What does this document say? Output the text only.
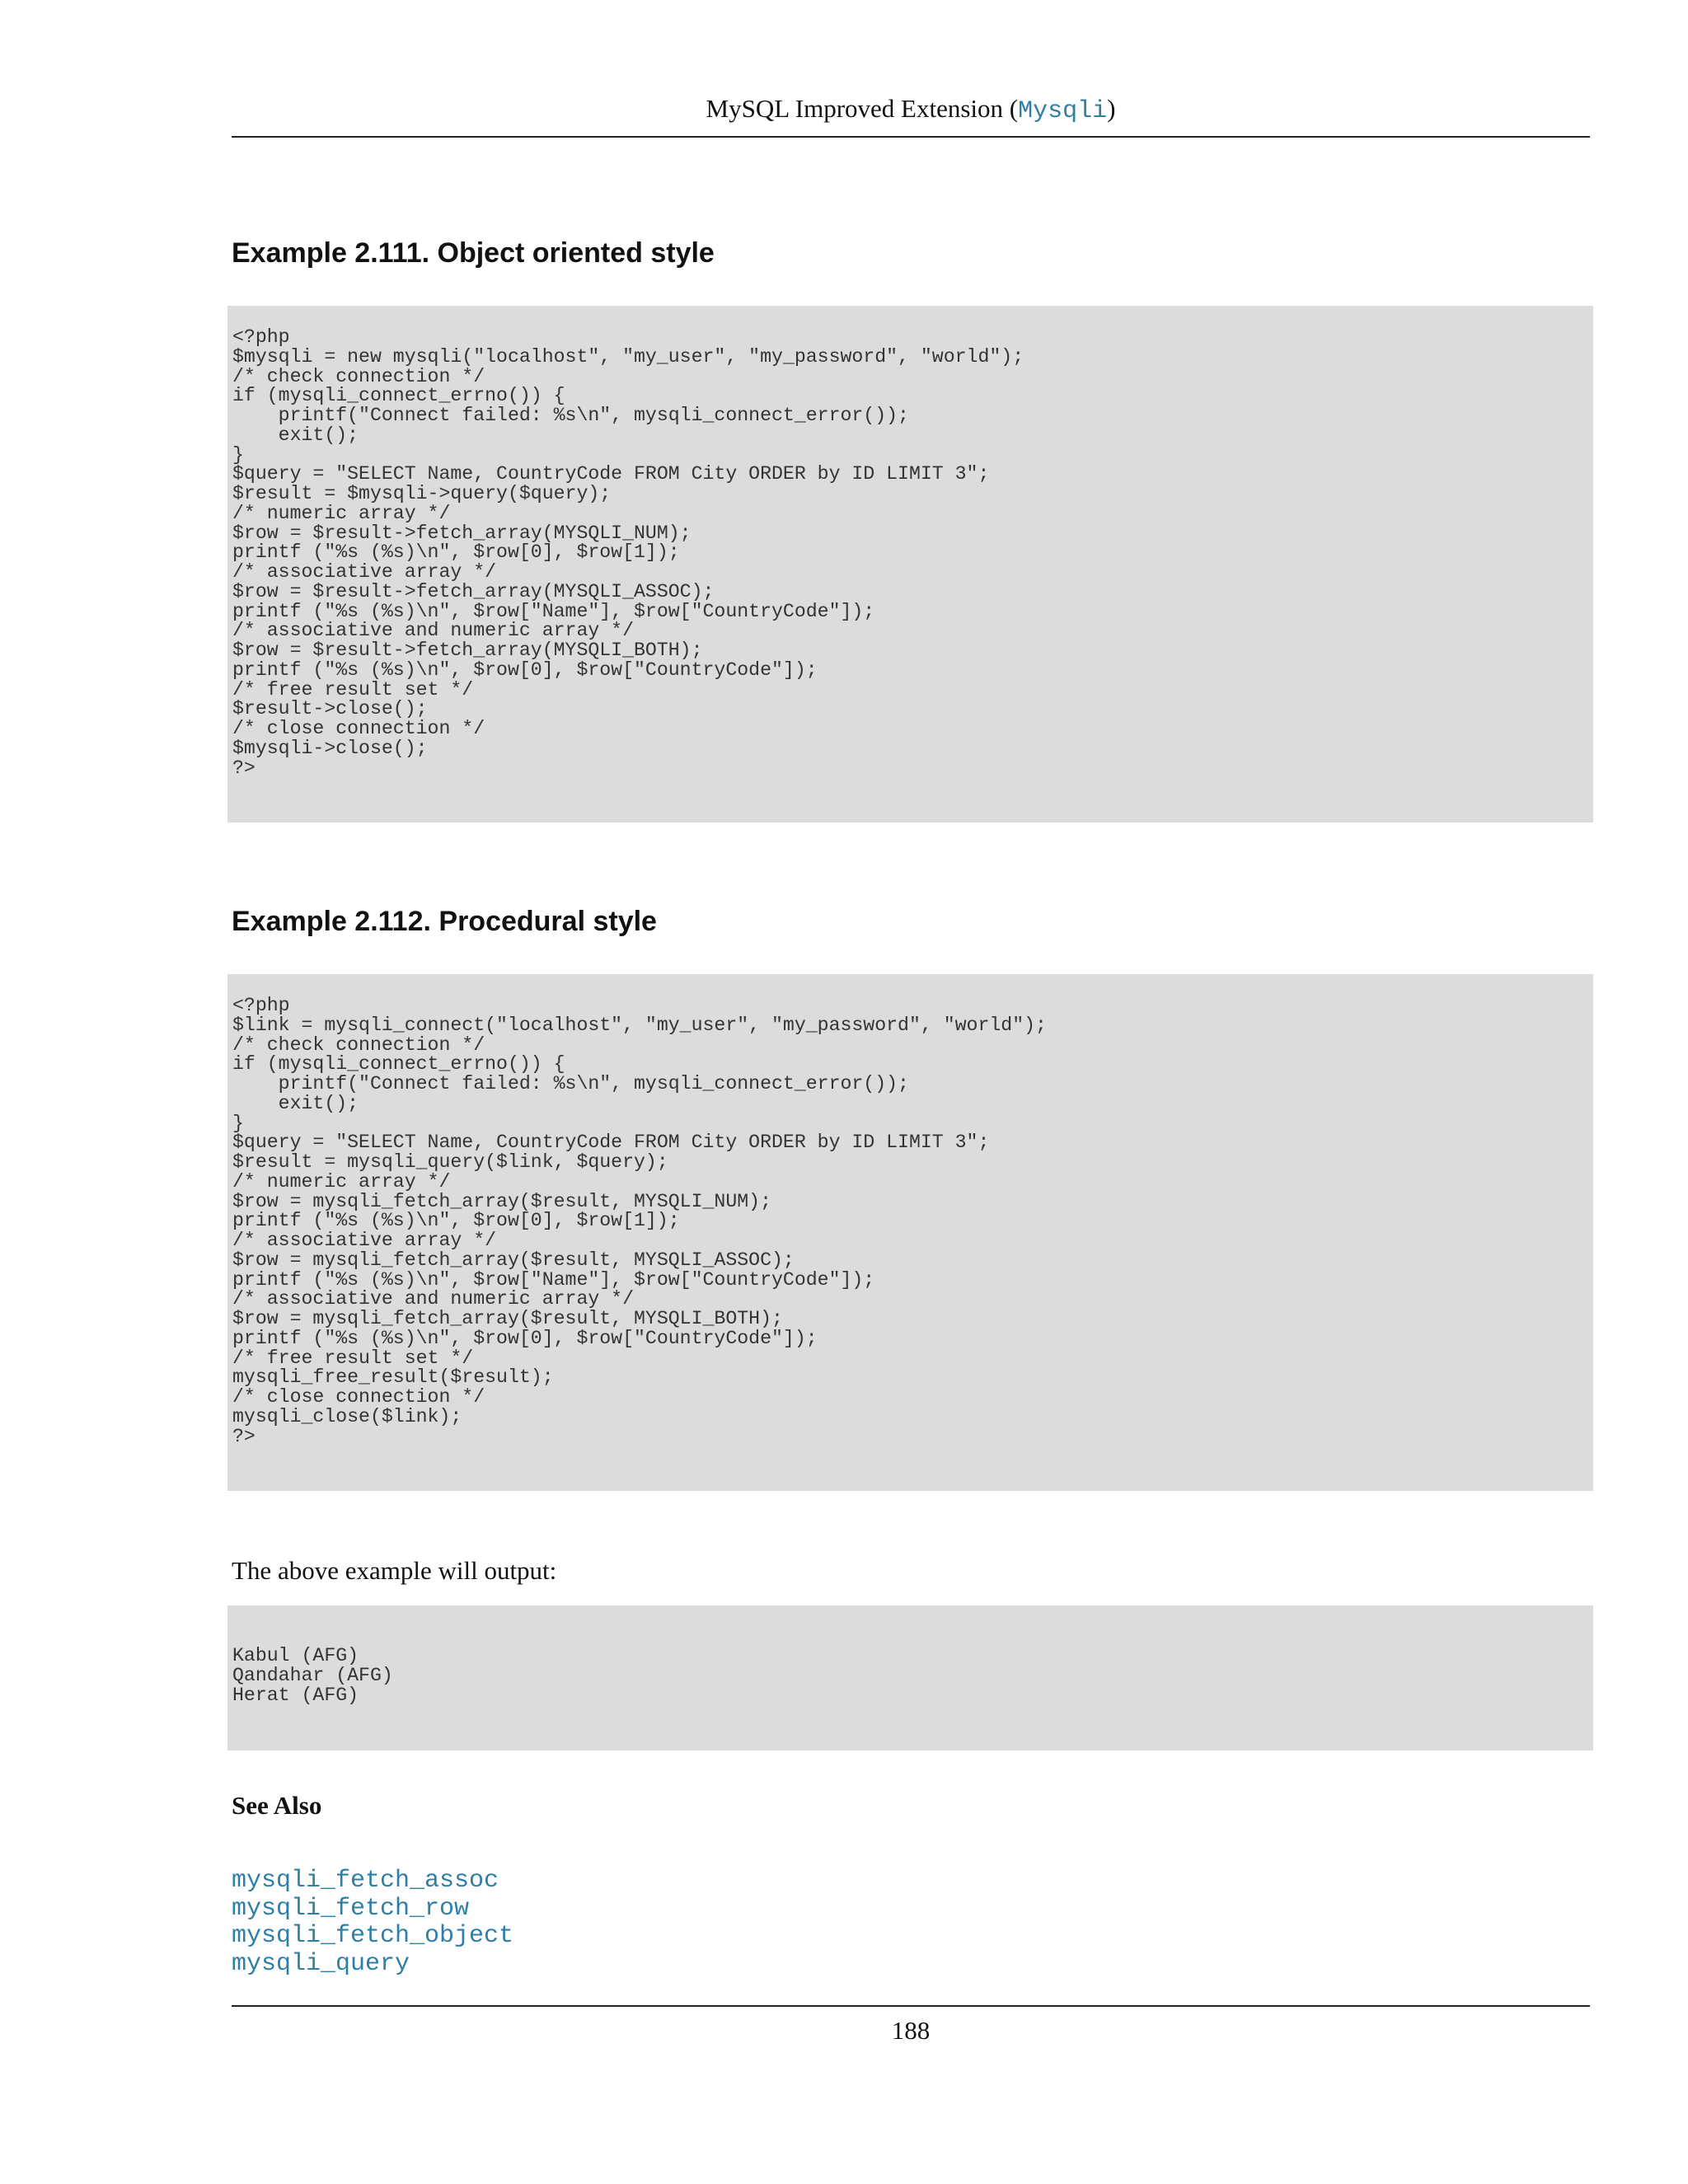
MySQL Improved Extension (Mysqli)
Example 2.111. Object oriented style
<?php
$mysqli = new mysqli("localhost", "my_user", "my_password", "world");
/* check connection */
if (mysqli_connect_errno()) {
printf("Connect failed: %s\n", mysqli_connect_error());
exit();
}
$query = "SELECT Name, CountryCode FROM City ORDER by ID LIMIT 3";
$result = $mysqli->query($query);
/* numeric array */
$row = $result->fetch_array(MYSQLI_NUM);
printf ("%s (%s)\n", $row[0], $row[1]);
/* associative array */
$row = $result->fetch_array(MYSQLI_ASSOC);
printf ("%s (%s)\n", $row["Name"], $row["CountryCode"]);
/* associative and numeric array */
$row = $result->fetch_array(MYSQLI_BOTH);
printf ("%s (%s)\n", $row[0], $row["CountryCode"]);
/* free result set */
$result->close();
/* close connection */
$mysqli->close();
?>
Example 2.112. Procedural style
<?php
$link = mysqli_connect("localhost", "my_user", "my_password", "world");
/* check connection */
if (mysqli_connect_errno()) {
printf("Connect failed: %s\n", mysqli_connect_error());
exit();
}
$query = "SELECT Name, CountryCode FROM City ORDER by ID LIMIT 3";
$result = mysqli_query($link, $query);
/* numeric array */
$row = mysqli_fetch_array($result, MYSQLI_NUM);
printf ("%s (%s)\n", $row[0], $row[1]);
/* associative array */
$row = mysqli_fetch_array($result, MYSQLI_ASSOC);
printf ("%s (%s)\n", $row["Name"], $row["CountryCode"]);
/* associative and numeric array */
$row = mysqli_fetch_array($result, MYSQLI_BOTH);
printf ("%s (%s)\n", $row[0], $row["CountryCode"]);
/* free result set */
mysqli_free_result($result);
/* close connection */
mysqli_close($link);
?>
The above example will output:
Kabul (AFG)
Qandahar (AFG)
Herat (AFG)
See Also
mysqli_fetch_assoc
mysqli_fetch_row
mysqli_fetch_object
mysqli_query
188
